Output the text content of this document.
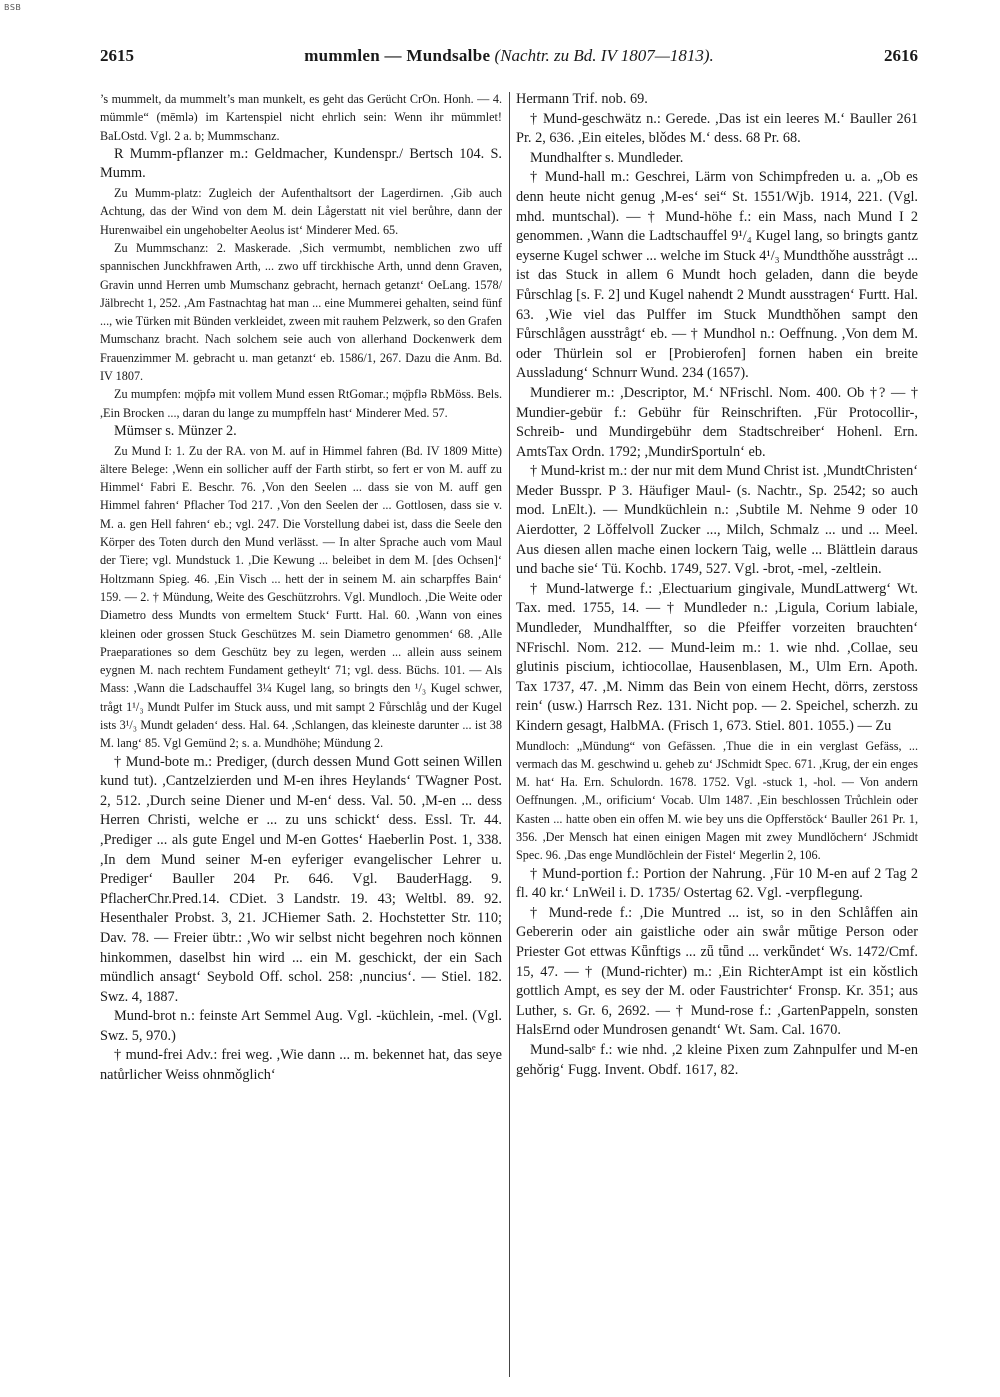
BSB
2615	mummlen — Mundsalbe (Nachtr. zu Bd. IV 1807—1813).	2616

’s mummelt, da mummelt’s man munkelt, es geht das Gerücht CrOn. Honh. — 4. mümmle“ (mēmlə) im Kartenspiel nicht ehrlich sein: Wenn ihr mümmlet! BaLOstd. Vgl. 2 a. b; Mummschanz.

R Mumm-pflanzer m.: Geldmacher, Kundenspr./ Bertsch 104. S. Mumm.

Zu Mumm-platz: Zugleich der Aufenthaltsort der Lagerdirnen. ,Gib auch Achtung, das der Wind von dem M. dein Lågerstatt nit viel berůhre, dann der Hurenwaibel ein ungehobelter Aeolus ist‘ Minderer Med. 65.

Zu Mummschanz: 2. Maskerade. ,Sich vermumbt, nemblichen zwo uff spannischen Junckhfrawen Arth, ... zwo uff tirckhische Arth, unnd denn Graven, Gravin unnd Herren umb Mumschanz gebracht, hernach getanzt‘ OeLang. 1578/ Jälbrecht 1, 252. ,Am Fastnachtag hat man ... eine Mummerei gehalten, seind fünf ..., wie Türken mit Bünden verkleidet, zween mit rauhem Pelzwerk, so den Grafen Mumschanz bracht. Nach solchem seie auch von allerhand Dockenwerk dem Frauenzimmer M. gebracht u. man getanzt‘ eb. 1586/1, 267. Dazu die Anm. Bd. IV 1807.

Zu mumpfen: mǫ̈pfə mit vollem Mund essen RtGomar.; mǫ̈pflə RbMöss. Bels. ,Ein Brocken ..., daran du lange zu mumpffeln hast‘ Minderer Med. 57.

Mümser s. Münzer 2.

Zu Mund I: 1. Zu der RA. von M. auf in Himmel fahren (Bd. IV 1809 Mitte) ältere Belege: ,Wenn ein sollicher auff der Farth stirbt, so fert er von M. auff zu Himmel‘ Fabri E. Beschr. 76. ,Von den Seelen ... dass sie von M. auff gen Himmel fahren‘ Pflacher Tod 217. ,Von den Seelen der ... Gottlosen, dass sie v. M. a. gen Hell fahren‘ eb.; vgl. 247. Die Vorstellung dabei ist, dass die Seele den Körper des Toten durch den Mund verlässt. — In alter Sprache auch vom Maul der Tiere; vgl. Mundstuck 1. ,Die Kewung ... beleibet in dem M. [des Ochsen]‘ Holtzmann Spieg. 46. ,Ein Visch ... hett der in seinem M. ain scharpffes Bain‘ 159. — 2. † Mündung, Weite des Geschützrohrs. Vgl. Mundloch. ,Die Weite oder Diametro dess Mundts von ermeltem Stuck‘ Furtt. Hal. 60. ,Wann von eines kleinen oder grossen Stuck Geschützes M. sein Diametro genommen‘ 68. ,Alle Praeparationes so dem Geschütz bey zu legen, werden ... allein auss seinem eygnen M. nach rechtem Fundament getheylt‘ 71; vgl. dess. Büchs. 101. — Als Mass: ,Wann die Ladschauffel 3¼ Kugel lang, so bringts den ¹/₃ Kugel schwer, trågt 1¹/₃ Mundt Pulfer im Stuck auss, und mit sampt 2 Fůrschlåg und der Kugel ists 3¹/₃ Mundt geladen‘ dess. Hal. 64. ,Schlangen, das kleineste darunter ... ist 38 M. lang‘ 85. Vgl Gemünd 2; s. a. Mundhöhe; Mündung 2.

† Mund-bote m.: Prediger, (durch dessen Mund Gott seinen Willen kund tut). ,Cantzelzierden und M-en ihres Heylands‘ TWagner Post. 2, 512. ,Durch seine Diener und M-en‘ dess. Val. 50. ,M-en ... dess Herren Christi, welche er ... zu uns schickt‘ dess. Essl. Tr. 44. ,Prediger ... als gute Engel und M-en Gottes‘ Haeberlin Post. 1, 338. ,In dem Mund seiner M-en eyferiger evangelischer Lehrer u. Prediger‘ Bauller 204 Pr. 646. Vgl. BauderHagg. 9. PflacherChr.Pred.14. CDiet. 3 Landstr. 19. 43; Weltbl. 89. 92. Hesenthaler Probst. 3, 21. JCHiemer Sath. 2. Hochstetter Str. 110; Dav. 78. — Freier übtr.: ,Wo wir selbst nicht begehren noch können hinkommen, daselbst hin wird ... ein M. geschickt, der ein Sach mündlich ansagt‘ Seybold Off. schol. 258: ,nuncius‘. — Stiel. 182. Swz. 4, 1887.

Mund-brot n.: feinste Art Semmel Aug. Vgl. -küchlein, -mel. (Vgl. Swz. 5, 970.)

† mund-frei Adv.: frei weg. ,Wie dann ... m. bekennet hat, das seye natůrlicher Weiss ohnmǒglich‘

Hermann Trif. nob. 69.

† Mund-geschwätz n.: Gerede. ,Das ist ein leeres M.‘ Bauller 261 Pr. 2, 636. ,Ein eiteles, blǒdes M.‘ dess. 68 Pr. 68.

Mundhalfter s. Mundleder.

† Mund-hall m.: Geschrei, Lärm von Schimpfreden u. a. „Ob es denn heute nicht genug ,M-es‘ sei“ St. 1551/Wjb. 1914, 221. (Vgl. mhd. muntschal). — † Mund-höhe f.: ein Mass, nach Mund I 2 genommen. ,Wann die Ladtschauffel 9¹/₄ Kugel lang, so bringts gantz eyserne Kugel schwer ... welche im Stuck 4¹/₃ Mundthǒhe ausstrågt ... ist das Stuck in allem 6 Mundt hoch geladen, dann die beyde Fůrschlag [s. F. 2] und Kugel nahendt 2 Mundt ausstragen‘ Furtt. Hal. 63. ,Wie viel das Pulffer im Stuck Mundthǒhen sampt den Fůrschlågen ausstrågt‘ eb. — † Mundhol n.: Oeffnung. ,Von dem M. oder Thürlein sol er [Probierofen] fornen haben ein breite Aussladung‘ Schnurr Wund. 234 (1657).

Mundierer m.: ,Descriptor, M.‘ NFrischl. Nom. 400. Ob †? — † Mundier-gebür f.: Gebühr für Reinschriften. ,Für Protocollir-, Schreib- und Mundirgebühr dem Stadtschreiber‘ Hohenl. Ern. AmtsTax Ordn. 1792; ,MundirSportuln‘ eb.

† Mund-krist m.: der nur mit dem Mund Christ ist. ,MundtChristen‘ Meder Busspr. P 3. Häufiger Maul- (s. Nachtr., Sp. 2542; so auch mod. LnElt.). — Mundküchlein n.: ,Subtile M. Nehme 9 oder 10 Aierdotter, 2 Lǒffelvoll Zucker ..., Milch, Schmalz ... und ... Meel. Aus diesen allen mache einen lockern Taig, welle ... Blättlein daraus und bache sie‘ Tü. Kochb. 1749, 527. Vgl. -brot, -mel, -zeltlein.

† Mund-latwerge f.: ,Electuarium gingivale, MundLattwerg‘ Wt. Tax. med. 1755, 14. — † Mundleder n.: ,Ligula, Corium labiale, Mundleder, Mundhalffter, so die Pfeiffer vorzeiten brauchten‘ NFrischl. Nom. 212. — Mund-leim m.: 1. wie nhd. ,Collae, seu glutinis piscium, ichtiocollae, Hausenblasen, M., Ulm Ern. Apoth. Tax 1737, 47. ,M. Nimm das Bein von einem Hecht, dörrs, zerstoss rein‘ (usw.) Harrsch Rez. 131. Nicht pop. — 2. Speichel, scherzh. zu Kindern gesagt, HalbMA. (Frisch 1, 673. Stiel. 801. 1055.) — Zu

Mundloch: „Mündung“ von Gefässen. ,Thue die in ein verglast Gefäss, ... vermach das M. geschwind u. geheb zu‘ JSchmidt Spec. 671. ,Krug, der ein enges M. hat‘ Ha. Ern. Schulordn. 1678. 1752. Vgl. -stuck 1, -hol. — Von andern Oeffnungen. ,M., orificium‘ Vocab. Ulm 1487. ,Ein beschlossen Trůchlein oder Kasten ... hatte oben ein offen M. wie bey uns die Opfferstǒck‘ Bauller 261 Pr. 1, 356. ,Der Mensch hat einen einigen Magen mit zwey Mundlǒchern‘ JSchmidt Spec. 96. ,Das enge Mundlǒchlein der Fistel‘ Megerlin 2, 106.

† Mund-portion f.: Portion der Nahrung. ,Für 10 M-en auf 2 Tag 2 fl. 40 kr.‘ LnWeil i. D. 1735/ Ostertag 62. Vgl. -verpflegung.

† Mund-rede f.: ,Die Muntred ... ist, so in den Schlåffen ain Gebererin oder ain gaistliche oder ain swår mǖtige Person oder Priester Got ettwas Kǖnftigs ... zǖ tǖnd ... verkǖndet‘ Ws. 1472/Cmf. 15, 47. — † (Mund-richter) m.: ,Ein RichterAmpt ist ein kǒstlich gottlich Ampt, es sey der M. oder Faustrichter‘ Fronsp. Kr. 351; aus Luther, s. Gr. 6, 2692. — † Mund-rose f.: ,GartenPappeln, sonsten HalsErnd oder Mundrosen genandt‘ Wt. Sam. Cal. 1670.

Mund-salbᵉ f.: wie nhd. ,2 kleine Pixen zum Zahnpulfer und M-en gehǒrig‘ Fugg. Invent. Obdf. 1617, 82.
